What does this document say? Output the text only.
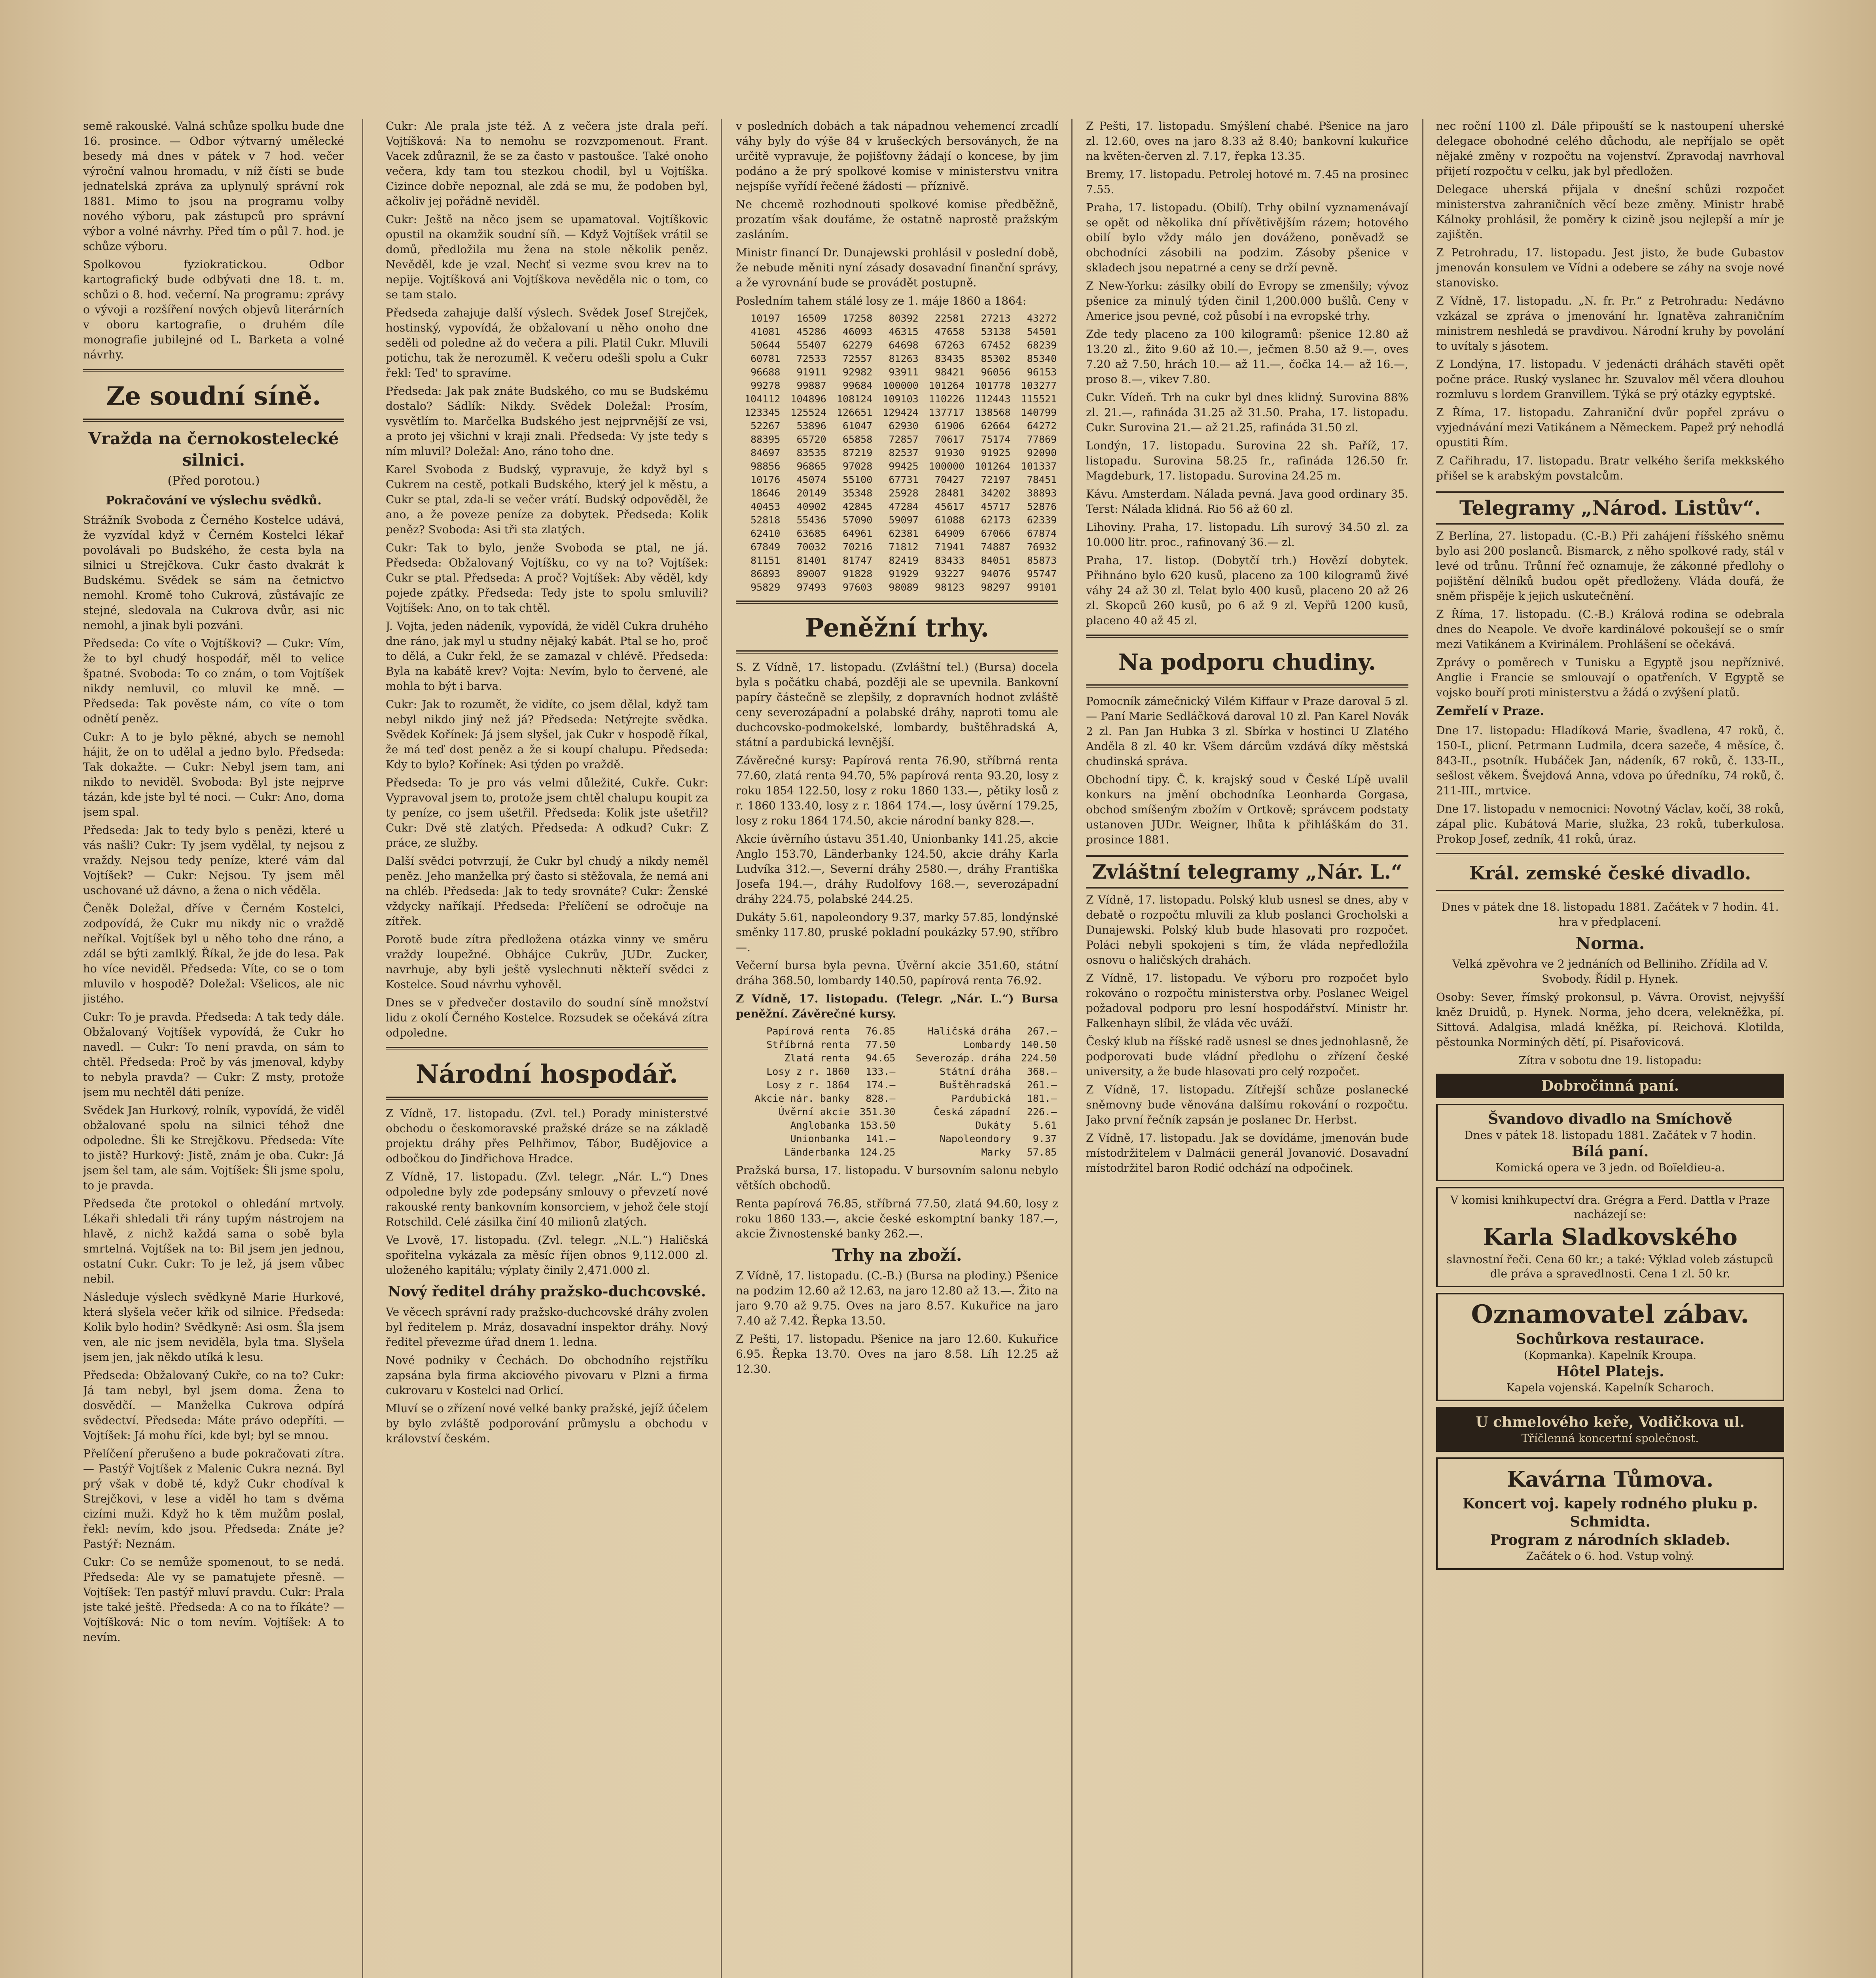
semě rakouské. Valná schůze spolku bude dne 16. prosince. — Odbor výtvarný umělecké besedy má dnes v pátek v 7 hod. večer výroční valnou hromadu, v níž čísti se bude jednatelská zpráva za uplynulý správní rok 1881. Mimo to jsou na programu volby nového výboru, pak zástupců pro správní výbor a volné návrhy. Před tím o půl 7. hod. je schůze výboru.

Spolkovou fyziokratickou. Odbor kartografický bude odbývati dne 18. t. m. schůzi o 8. hod. večerní. Na programu: zprávy o vývoji a rozšíření nových objevů literárních v oboru kartografie, o druhém díle monografie jubilejné od L. Barketa a volné návrhy.

Ze soudní síně.
Vražda na černokostelecké silnici.
(Před porotou.)
Pokračování ve výslechu svědků.

Strážník Svoboda z Černého Kostelce udává, že vyzvídal když v Černém Kostelci lékař povolávali po Budského, že cesta byla na silnici u Strejčkova. Cukr často dvakrát k Budskému. Svědek se sám na četnictvo nemohl. Kromě toho Cukrová, zůstávajíc ze stejné, sledovala na Cukrova dvůr, asi nic nemohl, a jinak byli pozváni.

Předseda: Co víte o Vojtíškovi? — Cukr: Vím, že to byl chudý hospodář, měl to velice špatné. Svoboda: To co znám, o tom Vojtíšek nikdy nemluvil, co mluvil ke mně. — Předseda: Tak pověste nám, co víte o tom odnětí peněz.

Cukr: A to je bylo pěkné, abych se nemohl hájit, že on to udělal a jedno bylo. Předseda: Tak dokažte. — Cukr: Nebyl jsem tam, ani nikdo to neviděl. Svoboda: Byl jste nejprve tázán, kde jste byl té noci. — Cukr: Ano, doma jsem spal.

Předseda: Jak to tedy bylo s penězi, které u vás našli? Cukr: Ty jsem vydělal, ty nejsou z vraždy. Nejsou tedy peníze, které vám dal Vojtíšek? — Cukr: Nejsou. Ty jsem měl uschované už dávno, a žena o nich věděla.

Čeněk Doležal, dříve v Černém Kostelci, zodpovídá, že Cukr mu nikdy nic o vraždě neříkal. Vojtíšek byl u něho toho dne ráno, a zdál se býti zamlklý. Říkal, že jde do lesa. Pak ho více neviděl. Předseda: Víte, co se o tom mluvilo v hospodě? Doležal: Všelicos, ale nic jistého.

Cukr: To je pravda. Předseda: A tak tedy dále. Obžalovaný Vojtíšek vypovídá, že Cukr ho navedl. — Cukr: To není pravda, on sám to chtěl. Předseda: Proč by vás jmenoval, kdyby to nebyla pravda? — Cukr: Z msty, protože jsem mu nechtěl dáti peníze.

Svědek Jan Hurkový, rolník, vypovídá, že viděl obžalované spolu na silnici téhož dne odpoledne. Šli ke Strejčkovu. Předseda: Víte to jistě? Hurkový: Jistě, znám je oba. Cukr: Já jsem šel tam, ale sám. Vojtíšek: Šli jsme spolu, to je pravda.

Předseda čte protokol o ohledání mrtvoly. Lékaři shledali tři rány tupým nástrojem na hlavě, z nichž každá sama o sobě byla smrtelná. Vojtíšek na to: Bil jsem jen jednou, ostatní Cukr. Cukr: To je lež, já jsem vůbec nebil.

Následuje výslech svědkyně Marie Hurkové, která slyšela večer křik od silnice. Předseda: Kolik bylo hodin? Svědkyně: Asi osm. Šla jsem ven, ale nic jsem neviděla, byla tma. Slyšela jsem jen, jak někdo utíká k lesu.

Předseda: Obžalovaný Cukře, co na to? Cukr: Já tam nebyl, byl jsem doma. Žena to dosvědčí. — Manželka Cukrova odpírá svědectví. Předseda: Máte právo odepříti. — Vojtíšek: Já mohu říci, kde byl; byl se mnou.

Přelíčení přerušeno a bude pokračovati zítra. — Pastýř Vojtíšek z Malenic Cukra nezná. Byl prý však v době té, když Cukr chodíval k Strejčkovi, v lese a viděl ho tam s dvěma cizími muži. Když ho k těm mužům poslal, řekl: nevím, kdo jsou. Předseda: Znáte je? Pastýř: Neznám.

Cukr: Co se nemůže spomenout, to se nedá. Předseda: Ale vy se pamatujete přesně. — Vojtíšek: Ten pastýř mluví pravdu. Cukr: Prala jste také ještě. Předseda: A co na to říkáte? — Vojtíšková: Nic o tom nevím. Vojtíšek: A to nevím.

Cukr: Ale prala jste též. A z večera jste drala peří. Vojtíšková: Na to nemohu se rozvzpomenout. Frant. Vacek zdůraznil, že se za často v pastoušce. Také onoho večera, kdy tam tou stezkou chodil, byl u Vojtíška. Cizince dobře nepoznal, ale zdá se mu, že podoben byl, ačkoliv jej pořádně neviděl.

Cukr: Ještě na něco jsem se upamatoval. Vojtíškovic opustil na okamžik soudní síň. — Když Vojtíšek vrátil se domů, předložila mu žena na stole několik peněz. Nevěděl, kde je vzal. Nechť si vezme svou krev na to nepije. Vojtíšková ani Vojtíškova nevěděla nic o tom, co se tam stalo.

Předseda zahajuje další výslech. Svědek Josef Strejček, hostinský, vypovídá, že obžalovaní u něho onoho dne seděli od poledne až do večera a pili. Platil Cukr. Mluvili potichu, tak že nerozuměl. K večeru odešli spolu a Cukr řekl: Ted' to spravíme.

Předseda: Jak pak znáte Budského, co mu se Budskému dostalo? Sádlík: Nikdy. Svědek Doležal: Prosím, vysvětlím to. Marčelka Budského jest nejprvnější ze vsi, a proto jej všichni v kraji znali. Předseda: Vy jste tedy s ním mluvil? Doležal: Ano, ráno toho dne.

Karel Svoboda z Budský, vypravuje, že když byl s Cukrem na cestě, potkali Budského, který jel k městu, a Cukr se ptal, zda-li se večer vrátí. Budský odpověděl, že ano, a že poveze peníze za dobytek. Předseda: Kolik peněz? Svoboda: Asi tři sta zlatých.

Cukr: Tak to bylo, jenže Svoboda se ptal, ne já. Předseda: Obžalovaný Vojtíšku, co vy na to? Vojtíšek: Cukr se ptal. Předseda: A proč? Vojtíšek: Aby věděl, kdy pojede zpátky. Předseda: Tedy jste to spolu smluvili? Vojtíšek: Ano, on to tak chtěl.

J. Vojta, jeden nádeník, vypovídá, že viděl Cukra druhého dne ráno, jak myl u studny nějaký kabát. Ptal se ho, proč to dělá, a Cukr řekl, že se zamazal v chlévě. Předseda: Byla na kabátě krev? Vojta: Nevím, bylo to červené, ale mohla to být i barva.

Cukr: Jak to rozumět, že vidíte, co jsem dělal, když tam nebyl nikdo jiný než já? Předseda: Netýrejte svědka. Svědek Kořínek: Já jsem slyšel, jak Cukr v hospodě říkal, že má teď dost peněz a že si koupí chalupu. Předseda: Kdy to bylo? Kořínek: Asi týden po vraždě.

Předseda: To je pro vás velmi důležité, Cukře. Cukr: Vypravoval jsem to, protože jsem chtěl chalupu koupit za ty peníze, co jsem ušetřil. Předseda: Kolik jste ušetřil? Cukr: Dvě stě zlatých. Předseda: A odkud? Cukr: Z práce, ze služby.

Další svědci potvrzují, že Cukr byl chudý a nikdy neměl peněz. Jeho manželka prý často si stěžovala, že nemá ani na chléb. Předseda: Jak to tedy srovnáte? Cukr: Ženské vždycky naříkají. Předseda: Přelíčení se odročuje na zítřek.

Porotě bude zítra předložena otázka vinny ve směru vraždy loupežné. Obhájce Cukrův, JUDr. Zucker, navrhuje, aby byli ještě vyslechnuti někteří svědci z Kostelce. Soud návrhu vyhověl.

Dnes se v předvečer dostavilo do soudní síně množství lidu z okolí Černého Kostelce. Rozsudek se očekává zítra odpoledne.

Národní hospodář.

Z Vídně, 17. listopadu. (Zvl. tel.) Porady ministerstvé obchodu o českomoravské pražské dráze se na základě projektu dráhy přes Pelhřimov, Tábor, Budějovice a odbočkou do Jindřichova Hradce.

Z Vídně, 17. listopadu. (Zvl. telegr. „Nár. L.“) Dnes odpoledne byly zde podepsány smlouvy o převzetí nové rakouské renty bankovním konsorciem, v jehož čele stojí Rotschild. Celé zásilka činí 40 milionů zlatých.

Ve Lvově, 17. listopadu. (Zvl. telegr. „N.L.“) Haličská spořitelna vykázala za měsíc říjen obnos 9,112.000 zl. uloženého kapitálu; výplaty činily 2,471.000 zl.

Nový ředitel dráhy pražsko-duchcovské.

Ve věcech správní rady pražsko-duchcovské dráhy zvolen byl ředitelem p. Mráz, dosavadní inspektor dráhy. Nový ředitel převezme úřad dnem 1. ledna.

Nové podniky v Čechách. Do obchodního rejstříku zapsána byla firma akciového pivovaru v Plzni a firma cukrovaru v Kostelci nad Orlicí.

Mluví se o zřízení nové velké banky pražské, jejíž účelem by bylo zvláště podporování průmyslu a obchodu v království českém.

v posledních dobách a tak nápadnou vehemencí zrcadlí váhy byly do výše 84 v krušeckých bersoványch, že na určitě vypravuje, že pojišťovny žádají o koncese, by jim podáno a že prý spolkové komise v ministerstvu vnitra nejspíše vyřídí řečené žádosti — příznivě.

Ne chcemě rozhodnouti spolkové komise předběžně, prozatím však doufáme, že ostatně naprostě pražským zasláním.

Ministr financí Dr. Dunajewski prohlásil v poslední době, že nebude měniti nyní zásady dosavadní finanční správy, a že vyrovnání bude se provádět postupně.

Posledním tahem stálé losy ze 1. máje 1860 a 1864:

10197	16509	17258	80392	22581	27213	43272
41081	45286	46093	46315	47658	53138	54501
50644	55407	62279	64698	67263	67452	68239
60781	72533	72557	81263	83435	85302	85340
96688	91911	92982	93911	98421	96056	96153
99278	99887	99684	100000	101264	101778	103277
104112	104896	108124	109103	110226	112443	115521
123345	125524	126651	129424	137717	138568	140799
52267	53896	61047	62930	61906	62664	64272
88395	65720	65858	72857	70617	75174	77869
84697	83535	87219	82537	91930	91925	92090
98856	96865	97028	99425	100000	101264	101337
10176	45074	55100	67731	70427	72197	78451
18646	20149	35348	25928	28481	34202	38893
40453	40902	42845	47284	45617	45717	52876
52818	55436	57090	59097	61088	62173	62339
62410	63685	64961	62381	64909	67066	67874
67849	70032	70216	71812	71941	74887	76932
81151	81401	81747	82419	83433	84051	85873
86893	89007	91828	91929	93227	94076	95747
95829	97493	97603	98089	98123	98297	99101
Peněžní trhy.

S. Z Vídně, 17. listopadu. (Zvláštní tel.) (Bursa) docela byla s počátku chabá, později ale se upevnila. Bankovní papíry částečně se zlepšily, z dopravních hodnot zvláště ceny severozápadní a polabské dráhy, naproti tomu ale duchcovsko-podmokelské, lombardy, buštěhradská A, státní a pardubická levnější.

Závěrečné kursy: Papírová renta 76.90, stříbrná renta 77.60, zlatá renta 94.70, 5% papírová renta 93.20, losy z roku 1854 122.50, losy z roku 1860 133.—, pětiky losů z r. 1860 133.40, losy z r. 1864 174.—, losy úvěrní 179.25, losy z roku 1864 174.50, akcie národní banky 828.—.

Akcie úvěrního ústavu 351.40, Unionbanky 141.25, akcie Anglo 153.70, Länderbanky 124.50, akcie dráhy Karla Ludvíka 312.—, Severní dráhy 2580.—, dráhy Františka Josefa 194.—, dráhy Rudolfovy 168.—, severozápadní dráhy 224.75, polabské 244.25.

Dukáty 5.61, napoleondory 9.37, marky 57.85, londýnské směnky 117.80, pruské pokladní poukázky 57.90, stříbro —.

Večerní bursa byla pevna. Úvěrní akcie 351.60, státní dráha 368.50, lombardy 140.50, papírová renta 76.92.

Z Vídně, 17. listopadu. (Telegr. „Nár. L.“) Bursa peněžní. Závěrečné kursy.

Papírová renta	76.85	Haličská dráha	267.—
Stříbrná renta	77.50	Lombardy	140.50
Zlatá renta	94.65	Severozáp. dráha	224.50
Losy z r. 1860	133.—	Státní dráha	368.—
Losy z r. 1864	174.—	Buštěhradská	261.—
Akcie nár. banky	828.—	Pardubická	181.—
Úvěrní akcie	351.30	Česká západní	226.—
Anglobanka	153.50	Dukáty	5.61
Unionbanka	141.—	Napoleondory	9.37
Länderbanka	124.25	Marky	57.85

Pražská bursa, 17. listopadu. V bursovním salonu nebylo větších obchodů.

Renta papírová 76.85, stříbrná 77.50, zlatá 94.60, losy z roku 1860 133.—, akcie české eskomptní banky 187.—, akcie Živnostenské banky 262.—.

Trhy na zboží.

Z Vídně, 17. listopadu. (C.-B.) (Bursa na plodiny.) Pšenice na podzim 12.60 až 12.63, na jaro 12.80 až 13.—. Žito na jaro 9.70 až 9.75. Oves na jaro 8.57. Kukuřice na jaro 7.40 až 7.42. Řepka 13.50.

Z Pešti, 17. listopadu. Pšenice na jaro 12.60. Kukuřice 6.95. Řepka 13.70. Oves na jaro 8.58. Líh 12.25 až 12.30.

Z Pešti, 17. listopadu. Smýšlení chabé. Pšenice na jaro zl. 12.60, oves na jaro 8.33 až 8.40; bankovní kukuřice na květen-červen zl. 7.17, řepka 13.35.

Bremy, 17. listopadu. Petrolej hotové m. 7.45 na prosinec 7.55.

Praha, 17. listopadu. (Obilí). Trhy obilní vyznamenávají se opět od několika dní přívětivějším rázem; hotového obilí bylo vždy málo jen dováženo, poněvadž se obchodníci zásobili na podzim. Zásoby pšenice v skladech jsou nepatrné a ceny se drží pevně.

Z New-Yorku: zásilky obilí do Evropy se zmenšily; vývoz pšenice za minulý týden činil 1,200.000 bušlů. Ceny v Americe jsou pevné, což působí i na evropské trhy.

Zde tedy placeno za 100 kilogramů: pšenice 12.80 až 13.20 zl., žito 9.60 až 10.—, ječmen 8.50 až 9.—, oves 7.20 až 7.50, hrách 10.— až 11.—, čočka 14.— až 16.—, proso 8.—, vikev 7.80.

Cukr. Vídeň. Trh na cukr byl dnes klidný. Surovina 88% zl. 21.—, rafináda 31.25 až 31.50. Praha, 17. listopadu. Cukr. Surovina 21.— až 21.25, rafináda 31.50 zl.

Londýn, 17. listopadu. Surovina 22 sh. Paříž, 17. listopadu. Surovina 58.25 fr., rafináda 126.50 fr. Magdeburk, 17. listopadu. Surovina 24.25 m.

Kávu. Amsterdam. Nálada pevná. Java good ordinary 35. Terst: Nálada klidná. Rio 56 až 60 zl.

Lihoviny. Praha, 17. listopadu. Líh surový 34.50 zl. za 10.000 litr. proc., rafinovaný 36.— zl.

Praha, 17. listop. (Dobytčí trh.) Hovězí dobytek. Přihnáno bylo 620 kusů, placeno za 100 kilogramů živé váhy 24 až 30 zl. Telat bylo 400 kusů, placeno 20 až 26 zl. Skopců 260 kusů, po 6 až 9 zl. Vepřů 1200 kusů, placeno 40 až 45 zl.

Na podporu chudiny.

Pomocník zámečnický Vilém Kiffaur v Praze daroval 5 zl. — Paní Marie Sedláčková daroval 10 zl. Pan Karel Novák 2 zl. Pan Jan Hubka 3 zl. Sbírka v hostinci U Zlatého Anděla 8 zl. 40 kr. Všem dárcům vzdává díky městská chudinská správa.

Obchodní tipy. Č. k. krajský soud v České Lípě uvalil konkurs na jmění obchodníka Leonharda Gorgasa, obchod smíšeným zbožím v Ortkově; správcem podstaty ustanoven JUDr. Weigner, lhůta k přihláškám do 31. prosince 1881.

Zvláštní telegramy „Nár. L.“

Z Vídně, 17. listopadu. Polský klub usnesl se dnes, aby v debatě o rozpočtu mluvili za klub poslanci Grocholski a Dunajewski. Polský klub bude hlasovati pro rozpočet. Poláci nebyli spokojeni s tím, že vláda nepředložila osnovu o haličských drahách.

Z Vídně, 17. listopadu. Ve výboru pro rozpočet bylo rokováno o rozpočtu ministerstva orby. Poslanec Weigel požadoval podporu pro lesní hospodářství. Ministr hr. Falkenhayn slíbil, že vláda věc uváží.

Český klub na říšské radě usnesl se dnes jednohlasně, že podporovati bude vládní předlohu o zřízení české university, a že bude hlasovati pro celý rozpočet.

Z Vídně, 17. listopadu. Zítřejší schůze poslanecké sněmovny bude věnována dalšímu rokování o rozpočtu. Jako první řečník zapsán je poslanec Dr. Herbst.

Z Vídně, 17. listopadu. Jak se dovídáme, jmenován bude místodržitelem v Dalmácii generál Jovanović. Dosavadní místodržitel baron Rodić odchází na odpočinek.

nec roční 1100 zl. Dále připouští se k nastoupení uherské delegace obohodné celého důchodu, ale nepříjalo se opět nějaké změny v rozpočtu na vojenství. Zpravodaj navrhoval přijetí rozpočtu v celku, jak byl předložen.

Delegace uherská přijala v dnešní schůzi rozpočet ministerstva zahraničních věcí beze změny. Ministr hrabě Kálnoky prohlásil, že poměry k cizině jsou nejlepší a mír je zajištěn.

Z Petrohradu, 17. listopadu. Jest jisto, že bude Gubastov jmenován konsulem ve Vídni a odebere se záhy na svoje nové stanovisko.

Z Vídně, 17. listopadu. „N. fr. Pr.“ z Petrohradu: Nedávno vzkázal se zpráva o jmenování hr. Ignatěva zahraničním ministrem neshledá se pravdivou. Národní kruhy by povolání to uvítaly s jásotem.

Z Londýna, 17. listopadu. V jedenácti dráhách stavěti opět počne práce. Ruský vyslanec hr. Szuvalov měl včera dlouhou rozmluvu s lordem Granvillem. Týká se prý otázky egyptské.

Z Říma, 17. listopadu. Zahraniční dvůr popřel zprávu o vyjednávání mezi Vatikánem a Německem. Papež prý nehodlá opustiti Řím.

Z Cařihradu, 17. listopadu. Bratr velkého šerifa mekkského přišel se k arabským povstalcům.

Telegramy „Národ. Listův“.

Z Berlína, 27. listopadu. (C.-B.) Při zahájení říšského sněmu bylo asi 200 poslanců. Bismarck, z něho spolkové rady, stál v levé od trůnu. Trůnní řeč oznamuje, že zákonné předlohy o pojištění dělníků budou opět předloženy. Vláda doufá, že sněm přispěje k jejich uskutečnění.

Z Říma, 17. listopadu. (C.-B.) Králová rodina se odebrala dnes do Neapole. Ve dvoře kardinálové pokoušejí se o smír mezi Vatikánem a Kvirinálem. Prohlášení se očekává.

Zprávy o poměrech v Tunisku a Egyptě jsou nepříznivé. Anglie i Francie se smlouvají o opatřeních. V Egyptě se vojsko bouří proti ministerstvu a žádá o zvýšení platů.

Zemřelí v Praze.

Dne 17. listopadu: Hladíková Marie, švadlena, 47 roků, č. 150-I., plicní. Petrmann Ludmila, dcera sazeče, 4 měsíce, č. 843-II., psotník. Hubáček Jan, nádeník, 67 roků, č. 133-II., sešlost věkem. Švejdová Anna, vdova po úředníku, 74 roků, č. 211-III., mrtvice.

Dne 17. listopadu v nemocnici: Novotný Václav, kočí, 38 roků, zápal plic. Kubátová Marie, služka, 23 roků, tuberkulosa. Prokop Josef, zedník, 41 roků, úraz.

Král. zemské české divadlo.

Dnes v pátek dne 18. listopadu 1881. Začátek v 7 hodin. 41. hra v předplacení.

Norma.

Velká zpěvohra ve 2 jednáních od Belliniho. Zřídila ad V. Svobody. Řídil p. Hynek.

Osoby: Sever, římský prokonsul, p. Vávra. Orovist, nejvyšší kněz Druidů, p. Hynek. Norma, jeho dcera, velekněžka, pí. Sittová. Adalgisa, mladá kněžka, pí. Reichová. Klotilda, pěstounka Norminých dětí, pí. Pisařovicová.

Zítra v sobotu dne 19. listopadu:

Dobročinná paní.
Švandovo divadlo na Smíchově
Dnes v pátek 18. listopadu 1881. Začátek v 7 hodin.
Bílá paní.
Komická opera ve 3 jedn. od Boïeldieu-a.
V komisi knihkupectví dra. Grégra a Ferd. Dattla v Praze nacházejí se:
Karla Sladkovského
slavnostní řeči. Cena 60 kr.; a také: Výklad voleb zástupců dle práva a spravedlnosti. Cena 1 zl. 50 kr.
Oznamovatel zábav.
Sochůrkova restaurace.
(Kopmanka). Kapelník Kroupa.
Hôtel Platejs.
Kapela vojenská. Kapelník Scharoch.
U chmelového keře, Vodičkova ul.
Tříčlenná koncertní společnost.
Kavárna Tůmova.
Koncert voj. kapely rodného pluku p. Schmidta.
Program z národních skladeb.
Začátek o 6. hod. Vstup volný.
